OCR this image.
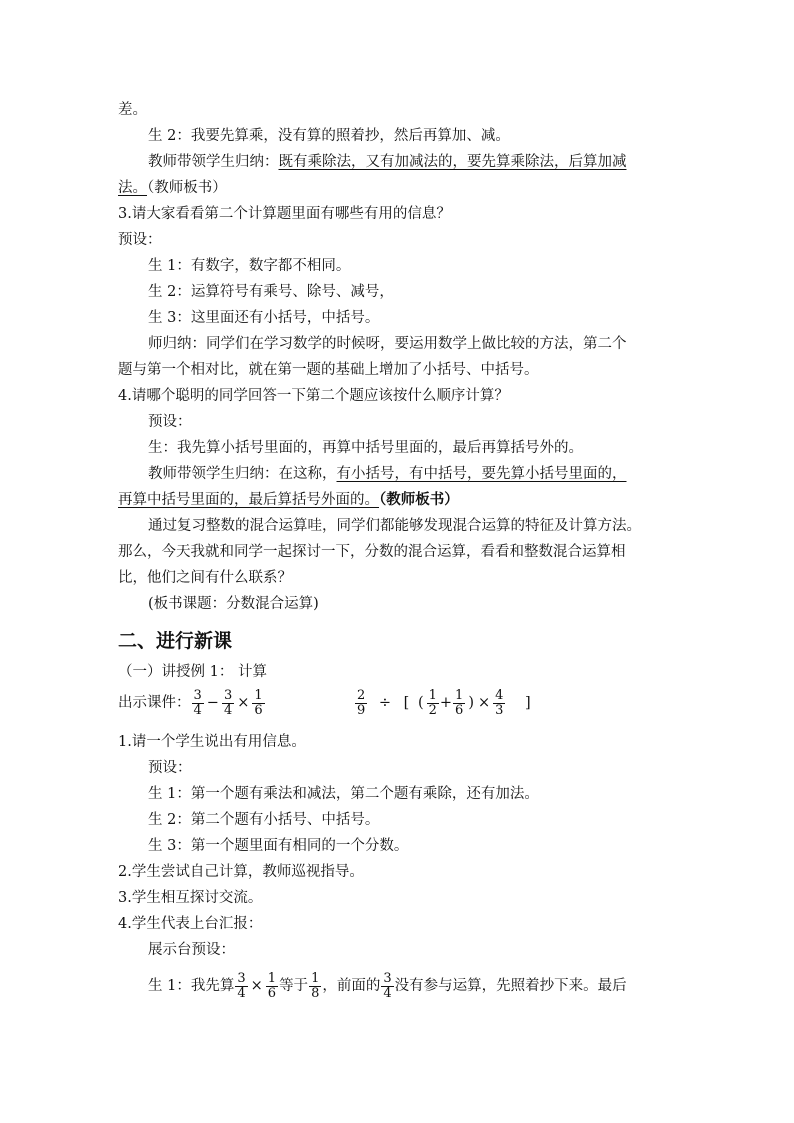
差。
生 2：我要先算乘，没有算的照着抄，然后再算加、减。
教师带领学生归纳：既有乘除法，又有加减法的，要先算乘除法，后算加减
法。（教师板书）
3.请大家看看第二个计算题里面有哪些有用的信息？
预设：
生 1：有数字，数字都不相同。
生 2：运算符号有乘号、除号、减号，
生 3：这里面还有小括号，中括号。
师归纳：同学们在学习数学的时候呀，要运用数学上做比较的方法，第二个
题与第一个相对比，就在第一题的基础上增加了小括号、中括号。
4.请哪个聪明的同学回答一下第二个题应该按什么顺序计算？
预设：
生：我先算小括号里面的，再算中括号里面的，最后再算括号外的。
教师带领学生归纳：在这称，有小括号，有中括号，要先算小括号里面的，
再算中括号里面的，最后算括号外面的。（教师板书）
通过复习整数的混合运算哇，同学们都能够发现混合运算的特征及计算方法。
那么，今天我就和同学一起探讨一下，分数的混合运算，看看和整数混合运算相
比，他们之间有什么联系？
(板书课题：分数混合运算)
二、进行新课
（一）讲授例 1： 计算
出示课件： $\frac{3}{4} - \frac{3}{4} \times \frac{1}{6}$	$\frac{2}{9}$ ÷ [ ( $\frac{1}{2} + \frac{1}{6}$ ) × $\frac{4}{3}$ ]
1.请一个学生说出有用信息。
预设：
生 1：第一个题有乘法和减法，第二个题有乘除，还有加法。
生 2：第二个题有小括号、中括号。
生 3：第一个题里面有相同的一个分数。
2.学生尝试自己计算，教师巡视指导。
3.学生相互探讨交流。
4.学生代表上台汇报：
展示台预设：
生 1：我先算 $\frac{3}{4} \times \frac{1}{6}$ 等于 $\frac{1}{8}$ ，前面的 $\frac{3}{4}$ 没有参与运算，先照着抄下来。最后
